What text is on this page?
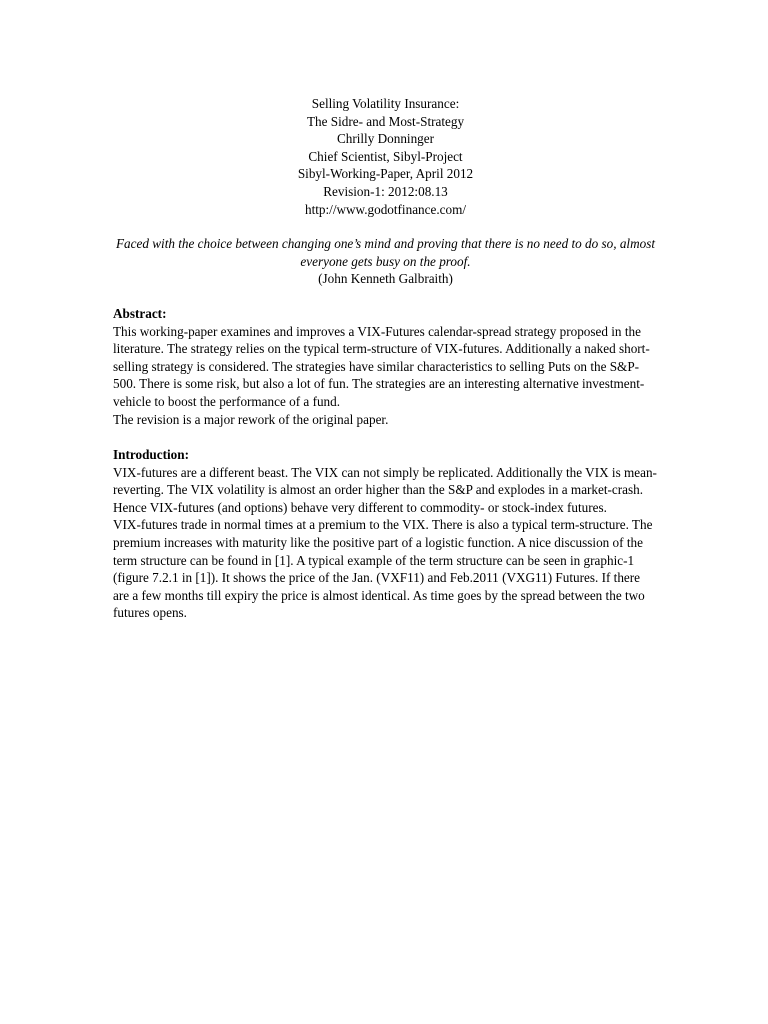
Selling Volatility Insurance:
The Sidre- and Most-Strategy
Chrilly Donninger
Chief Scientist, Sibyl-Project
Sibyl-Working-Paper, April 2012
Revision-1: 2012:08.13
http://www.godotfinance.com/
Faced with the choice between changing one’s mind and proving that there is no need to do so, almost everyone gets busy on the proof.
(John Kenneth Galbraith)
Abstract:
This working-paper examines and improves a VIX-Futures calendar-spread strategy proposed in the literature. The strategy relies on the typical term-structure of VIX-futures. Additionally a naked short-selling strategy is considered. The strategies have similar characteristics to selling Puts on the S&P-500. There is some risk, but also a lot of fun. The strategies are an interesting alternative investment-vehicle to boost the performance of a fund.
The revision is a major rework of the original paper.
Introduction:
VIX-futures are a different beast. The VIX can not simply be replicated. Additionally the VIX is mean-reverting. The VIX volatility is almost an order higher than the S&P and explodes in a market-crash. Hence VIX-futures (and options) behave very different to commodity- or stock-index futures.
VIX-futures trade in normal times at a premium to the VIX. There is also a typical term-structure. The premium increases with maturity like the positive part of a logistic function. A nice discussion of the term structure can be found in [1]. A typical example of the term structure can be seen in graphic-1 (figure 7.2.1 in [1]). It shows the price of the Jan. (VXF11) and Feb.2011 (VXG11) Futures. If there are a few months till expiry the price is almost identical. As time goes by the spread between the two futures opens.
